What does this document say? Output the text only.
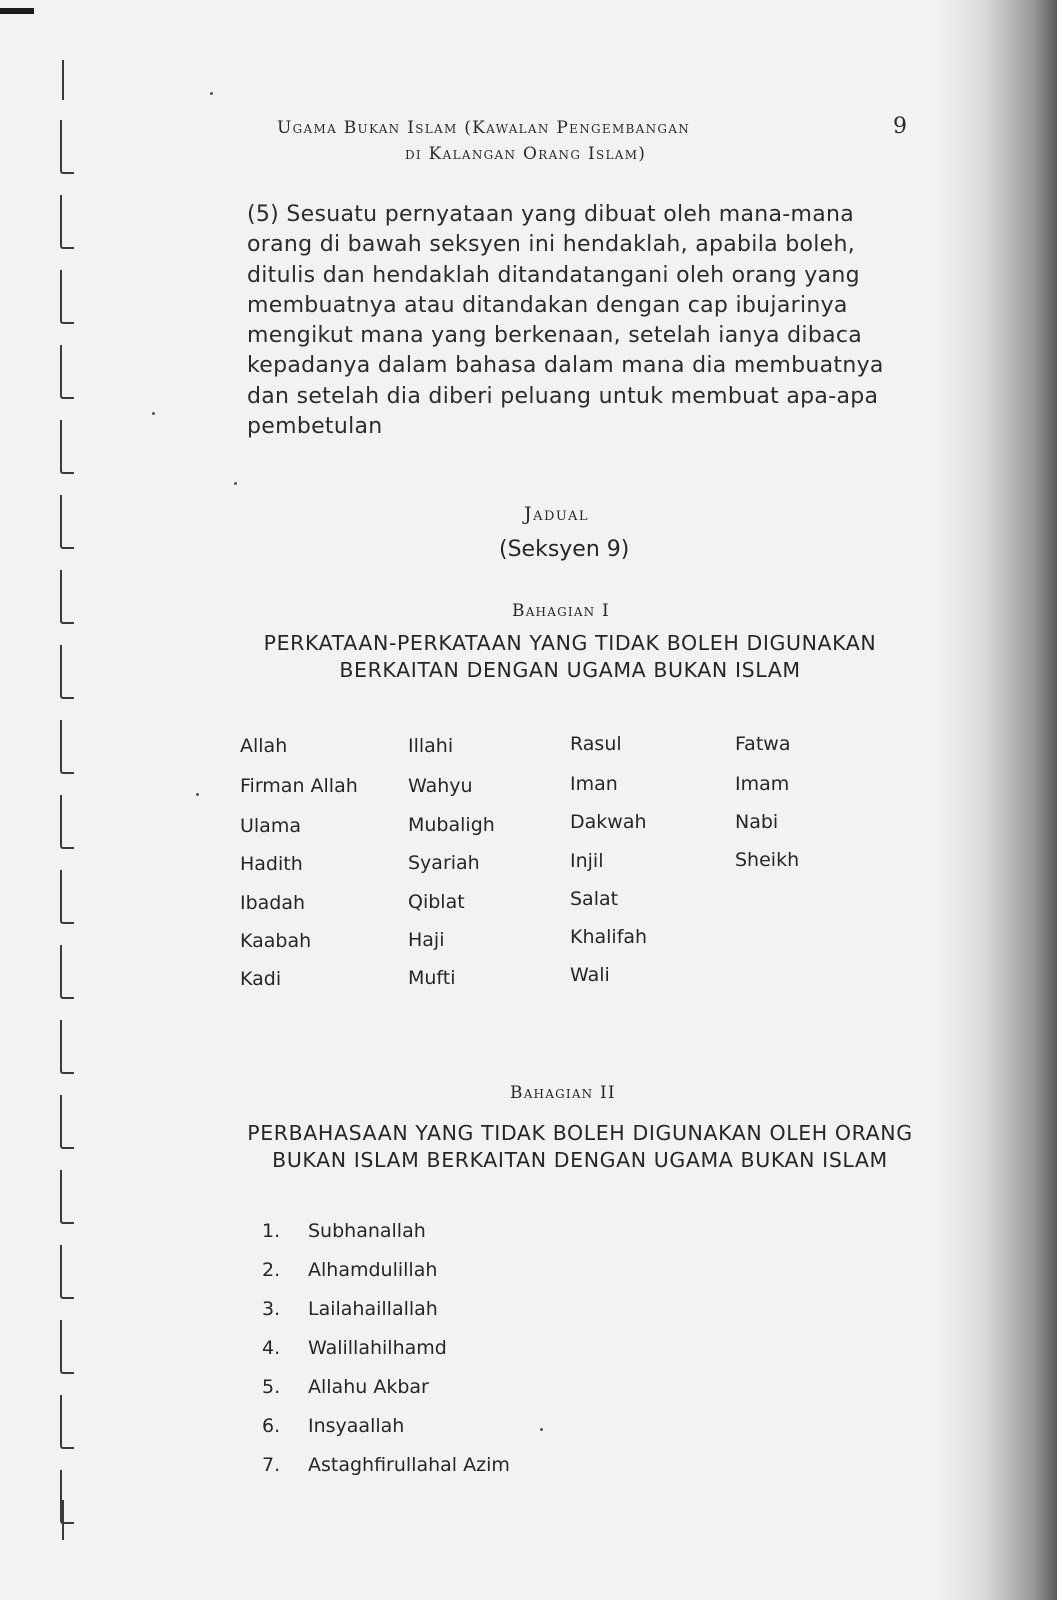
Ugama Bukan Islam (Kawalan Pengembangan
di Kalangan Orang Islam)
9
(5) Sesuatu pernyataan yang dibuat oleh mana-mana orang di bawah seksyen ini hendaklah, apabila boleh, ditulis dan hendaklah ditandatangani oleh orang yang membuatnya atau ditandakan dengan cap ibujarinya mengikut mana yang berkenaan, setelah ianya dibaca kepadanya dalam bahasa dalam mana dia membuatnya dan setelah dia diberi peluang untuk membuat apa-apa pembetulan
Jadual
(Seksyen 9)
Bahagian I
PERKATAAN-PERKATAAN YANG TIDAK BOLEH DIGUNAKAN BERKAITAN DENGAN UGAMA BUKAN ISLAM
Allah	Illahi	Rasul	Fatwa
Firman Allah	Wahyu	Iman	Imam
Ulama	Mubaligh	Dakwah	Nabi
Hadith	Syariah	Injil	Sheikh
Ibadah	Qiblat	Salat
Kaabah	Haji	Khalifah
Kadi	Mufti	Wali
Bahagian II
PERBAHASAAN YANG TIDAK BOLEH DIGUNAKAN OLEH ORANG BUKAN ISLAM BERKAITAN DENGAN UGAMA BUKAN ISLAM
1. Subhanallah
2. Alhamdulillah
3. Lailahaillallah
4. Walillahilhamd
5. Allahu Akbar
6. Insyaallah
7. Astaghfirullahal Azim
